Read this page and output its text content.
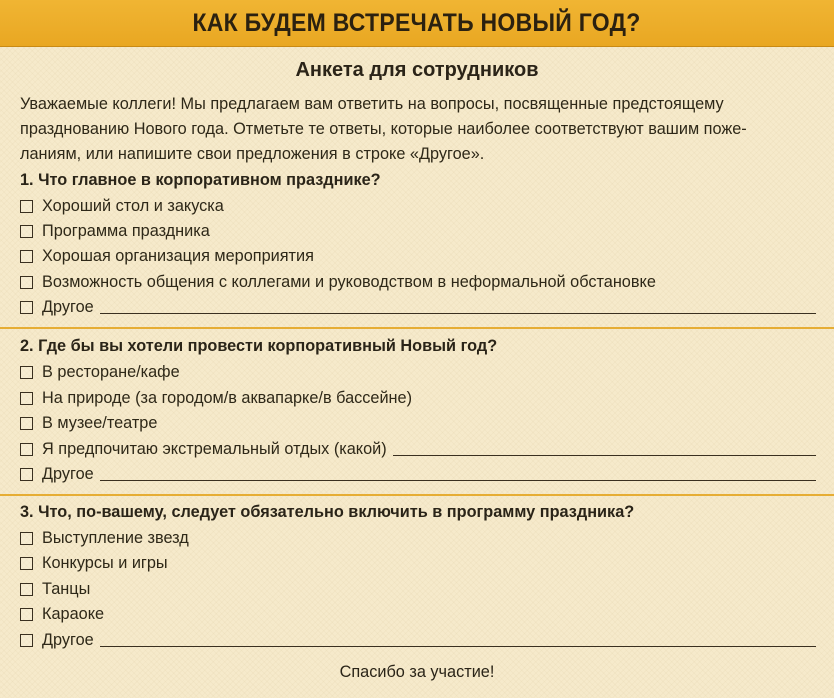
КАК БУДЕМ ВСТРЕЧАТЬ НОВЫЙ ГОД?
Анкета для сотрудников
Уважаемые коллеги! Мы предлагаем вам ответить на вопросы, посвященные предстоящему
празднованию Нового года. Отметьте те ответы, которые наиболее соответствуют вашим поже-
ланиям, или напишите свои предложения в строке «Другое».
1. Что главное в корпоративном празднике?
Хороший стол и закуска
Программа праздника
Хорошая организация мероприятия
Возможность общения с коллегами и руководством в неформальной обстановке
Другое
2. Где бы вы хотели провести корпоративный Новый год?
В ресторане/кафе
На природе (за городом/в аквапарке/в бассейне)
В музее/театре
Я предпочитаю экстремальный отдых (какой)
Другое
3. Что, по-вашему, следует обязательно включить в программу праздника?
Выступление звезд
Конкурсы и игры
Танцы
Караоке
Другое
Спасибо за участие!
